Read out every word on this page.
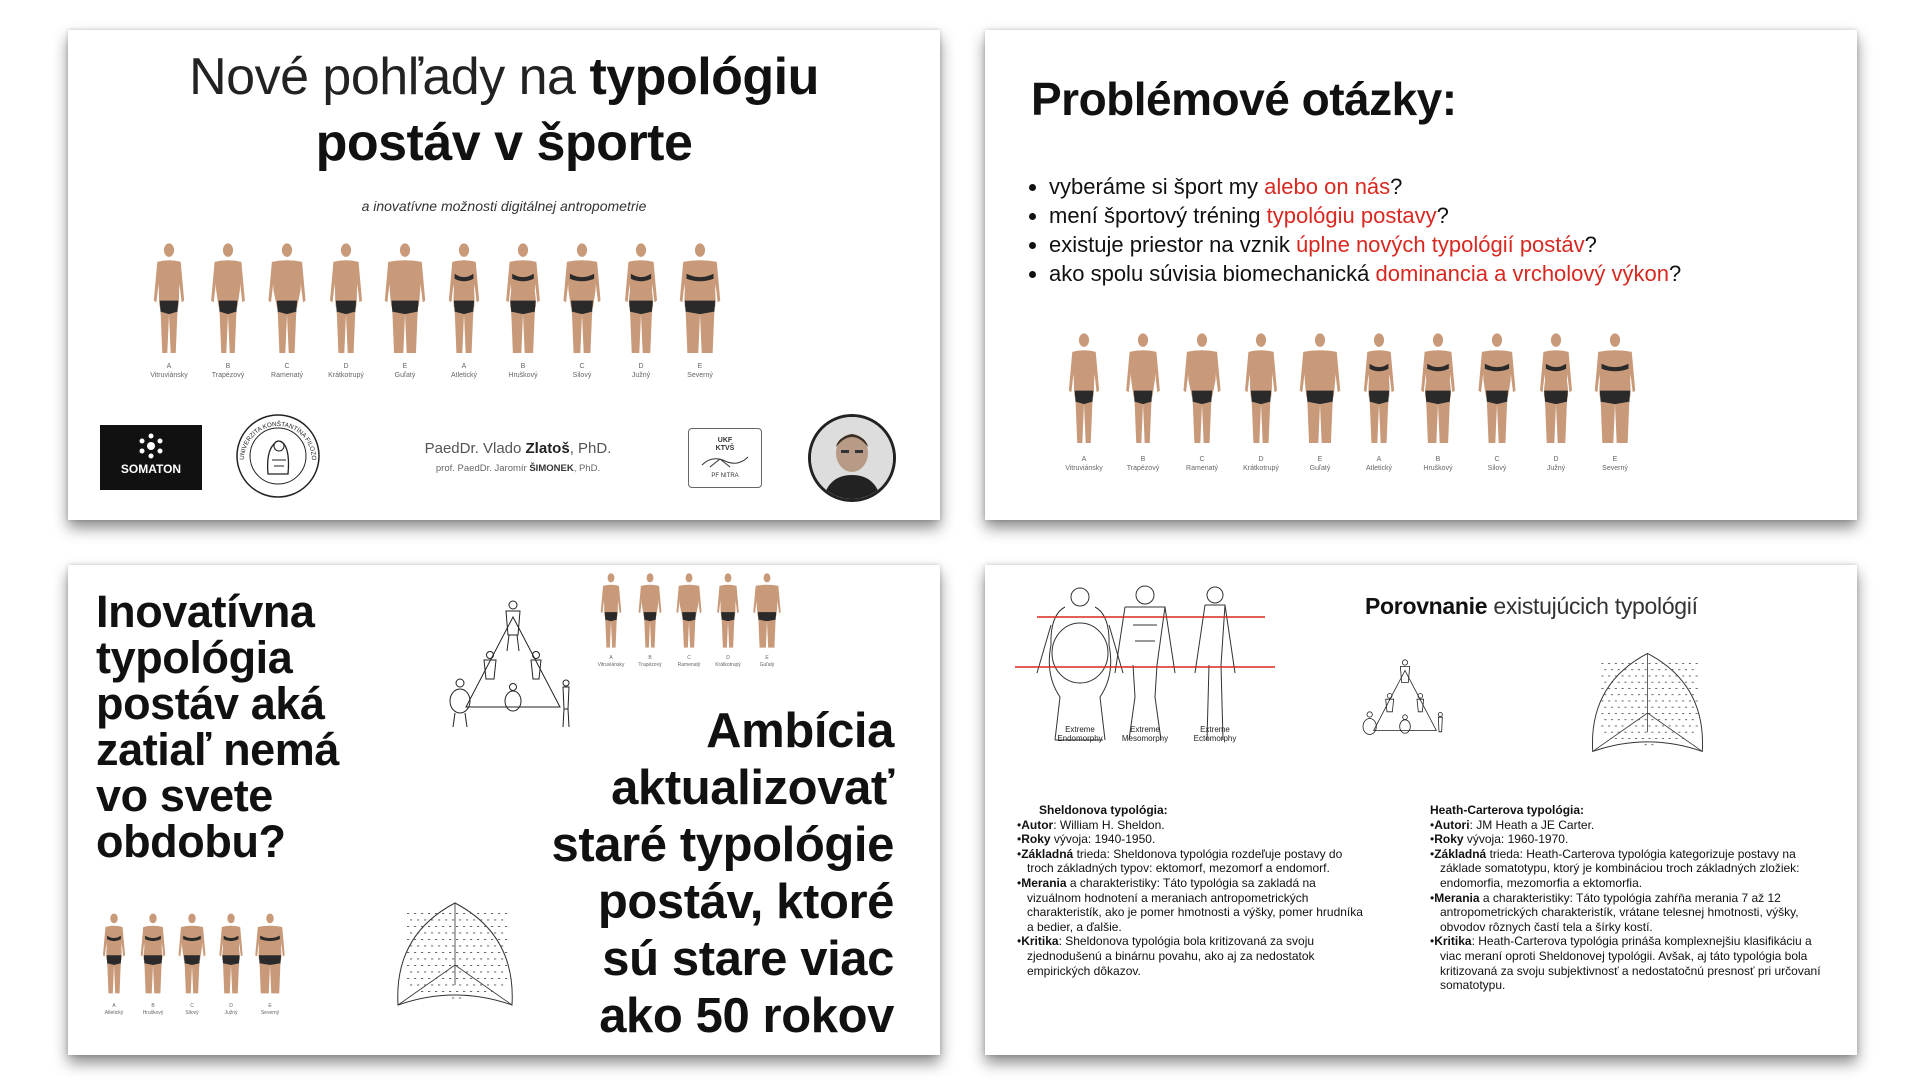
Nové pohľady na typológiu
postáv v športe
a inovatívne možnosti digitálnej antropometrie
A
Vitruviánsky
B
Trapézový
C
Ramenatý
D
Krátkotrupý
E
Guľatý
A
Atletický
B
Hruškový
C
Silový
D
Južný
E
Severný
SOMATON
UNIVERZITA KONŠTANTÍNA FILOZO
PaedDr. Vlado Zlatoš, PhD.
prof. PaedDr. Jaromír ŠIMONEK, PhD.
UKF
KTVŠ
PF NITRA
Problémové otázky:
• vyberáme si šport my alebo on nás?
• mení športový tréning typológiu postavy?
• existuje priestor na vznik úplne nových typológií postáv?
• ako spolu súvisia biomechanická dominancia a vrcholový výkon?
A
Vitruviánsky
B
Trapézový
C
Ramenatý
D
Krátkotrupý
E
Guľatý
A
Atletický
B
Hruškový
C
Silový
D
Južný
E
Severný
Inovatívna
typológia
postáv aká
zatiaľ nemá
vo svete
obdobu?
Ambícia
aktualizovať
staré typológie
postáv, ktoré
sú stare viac
ako 50 rokov
A
Vitruviánsky
B
Trapézový
C
Ramenatý
D
Krátkotrupý
E
Guľatý
A
Atletický
B
Hruškový
C
Silový
D
Južný
E
Severný
Extreme
Endomorphy
Extreme
Mesomorphy
Extreme
Ectomorphy
Porovnanie existujúcich typológií
Sheldonova typológia:
•Autor: William H. Sheldon.
•Roky vývoja: 1940-1950.
•Základná trieda: Sheldonova typológia rozdeľuje postavy do troch základných typov: ektomorf, mezomorf a endomorf.
•Merania a charakteristiky: Táto typológia sa zakladá na vizuálnom hodnotení a meraniach antropometrických charakteristík, ako je pomer hmotnosti a výšky, pomer hrudníka a bedier, a ďalšie.
•Kritika: Sheldonova typológia bola kritizovaná za svoju zjednodušenú a binárnu povahu, ako aj za nedostatok empirických dôkazov.
Heath-Carterova typológia:
•Autori: JM Heath a JE Carter.
•Roky vývoja: 1960-1970.
•Základná trieda: Heath-Carterova typológia kategorizuje postavy na základe somatotypu, ktorý je kombináciou troch základných zložiek: endomorfia, mezomorfia a ektomorfia.
•Merania a charakteristiky: Táto typológia zahŕňa merania 7 až 12 antropometrických charakteristík, vrátane telesnej hmotnosti, výšky, obvodov rôznych častí tela a šírky kostí.
•Kritika: Heath-Carterova typológia prináša komplexnejšiu klasifikáciu a viac meraní oproti Sheldonovej typológii. Avšak, aj táto typológia bola kritizovaná za svoju subjektivnosť a nedostatočnú presnosť pri určovaní somatotypu.
